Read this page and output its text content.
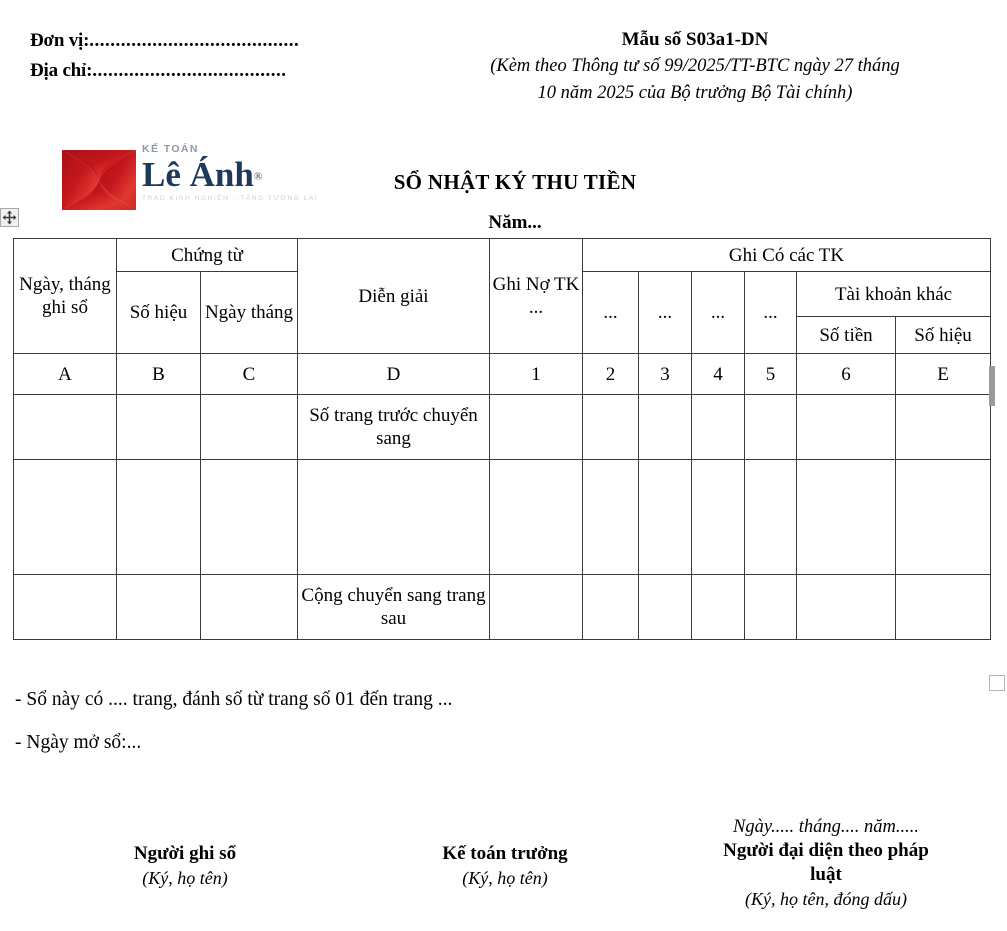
Đơn vị:........................................
Địa chỉ:.....................................
Mẫu số S03a1-DN
(Kèm theo Thông tư số 99/2025/TT-BTC ngày 27 tháng
10 năm 2025 của Bộ trưởng Bộ Tài chính)
KẾ TOÁN
Lê Ánh®
TRAO KINH NGHIỆM - TẶNG TƯƠNG LAI
SỔ NHẬT KÝ THU TIỀN
Năm...
Ngày, tháng ghi sổ	Chứng từ		Diễn giải	Ghi Nợ TK ...	Ghi Có các TK					
	Số hiệu	Ngày tháng			...	...	...	...	Tài khoản khác	
									Số tiền	Số hiệu
A	B	C	D	1	2	3	4	5	6	E
			Số trang trước chuyển sang							

			Cộng chuyển sang trang sau							
- Sổ này có .... trang, đánh số từ trang số 01 đến trang ...
- Ngày mở sổ:...
Người ghi sổ
(Ký, họ tên)
Kế toán trưởng
(Ký, họ tên)
Ngày..... tháng.... năm.....
Người đại diện theo pháp
luật
(Ký, họ tên, đóng dấu)
